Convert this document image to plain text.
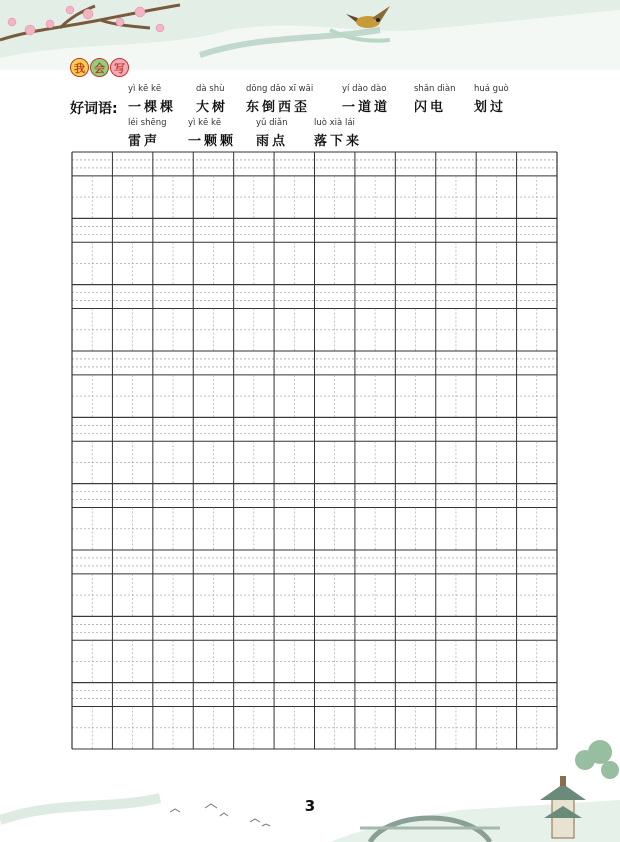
我 会 写
好词语:
yì kē kē
一棵棵
dà shù
大树
dōng dǎo xī wāi
东倒西歪
yí dào dào
一道道
shǎn diàn
闪电
huá guò
划过
léi shēng
雷声
yì kē kē
一颗颗
yǔ diǎn
雨点
luò xià lái
落下来
3
